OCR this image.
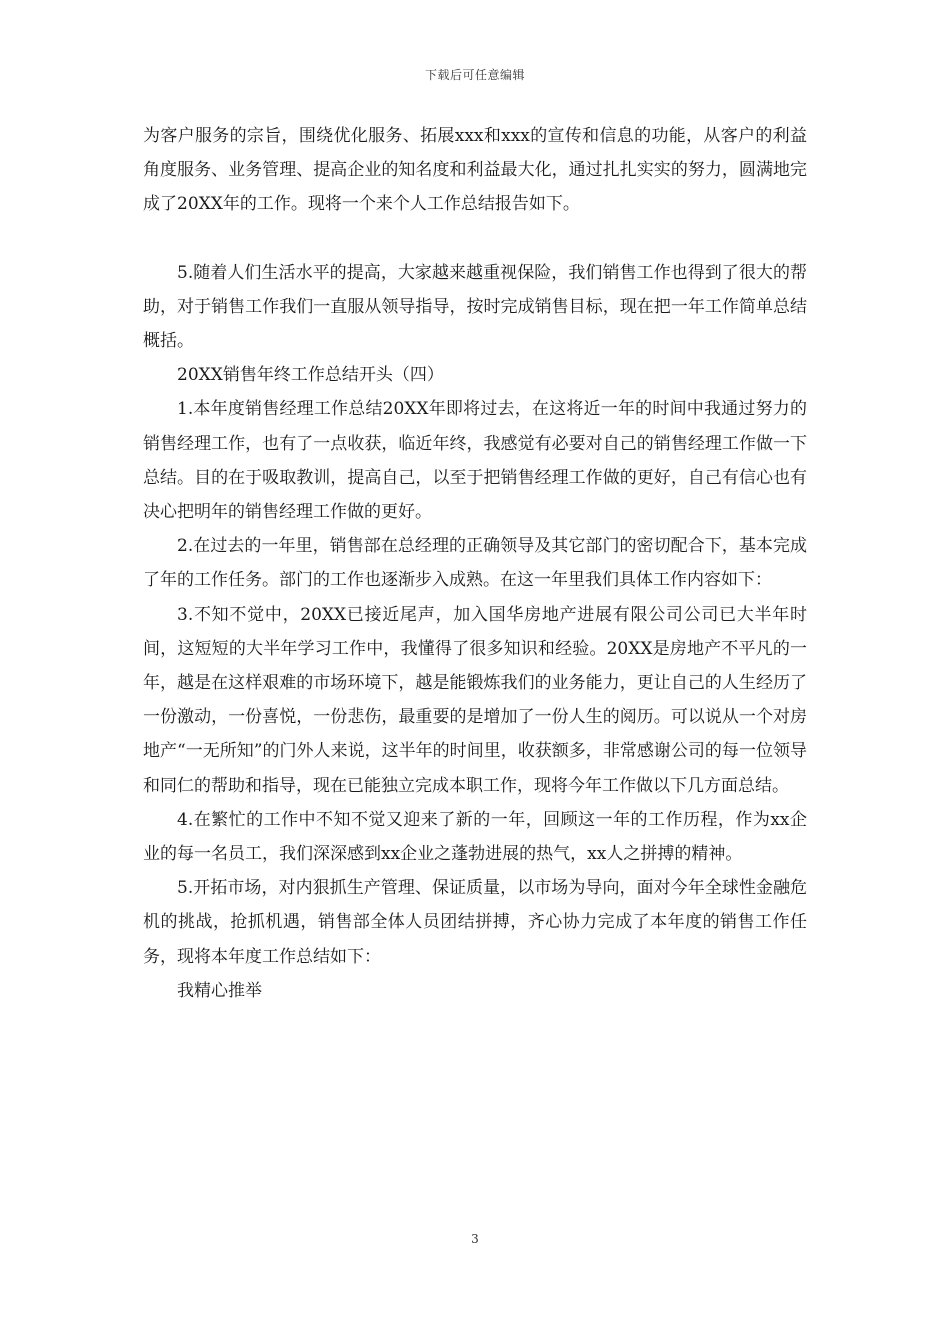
下载后可任意编辑

为客户服务的宗旨，围绕优化服务、拓展xxx和xxx的宣传和信息的功能，从客户的利益角度服务、业务管理、提高企业的知名度和利益最大化，通过扎扎实实的努力，圆满地完成了20XX年的工作。现将一个来个人工作总结报告如下。

5.随着人们生活水平的提高，大家越来越重视保险，我们销售工作也得到了很大的帮助，对于销售工作我们一直服从领导指导，按时完成销售目标，现在把一年工作简单总结概括。

20XX销售年终工作总结开头（四）

1.本年度销售经理工作总结20XX年即将过去，在这将近一年的时间中我通过努力的销售经理工作，也有了一点收获，临近年终，我感觉有必要对自己的销售经理工作做一下总结。目的在于吸取教训，提高自己，以至于把销售经理工作做的更好，自己有信心也有决心把明年的销售经理工作做的更好。

2.在过去的一年里，销售部在总经理的正确领导及其它部门的密切配合下，基本完成了年的工作任务。部门的工作也逐渐步入成熟。在这一年里我们具体工作内容如下：

3.不知不觉中，20XX已接近尾声，加入国华房地产进展有限公司公司已大半年时间，这短短的大半年学习工作中，我懂得了很多知识和经验。20XX是房地产不平凡的一年，越是在这样艰难的市场环境下，越是能锻炼我们的业务能力，更让自己的人生经历了一份激动，一份喜悦，一份悲伤，最重要的是增加了一份人生的阅历。可以说从一个对房地产“一无所知”的门外人来说，这半年的时间里，收获额多，非常感谢公司的每一位领导和同仁的帮助和指导，现在已能独立完成本职工作，现将今年工作做以下几方面总结。

4.在繁忙的工作中不知不觉又迎来了新的一年，回顾这一年的工作历程，作为xx企业的每一名员工，我们深深感到xx企业之蓬勃进展的热气，xx人之拼搏的精神。

5.开拓市场，对内狠抓生产管理、保证质量，以市场为导向，面对今年全球性金融危机的挑战，抢抓机遇，销售部全体人员团结拼搏，齐心协力完成了本年度的销售工作任务，现将本年度工作总结如下：

我精心推举

3
